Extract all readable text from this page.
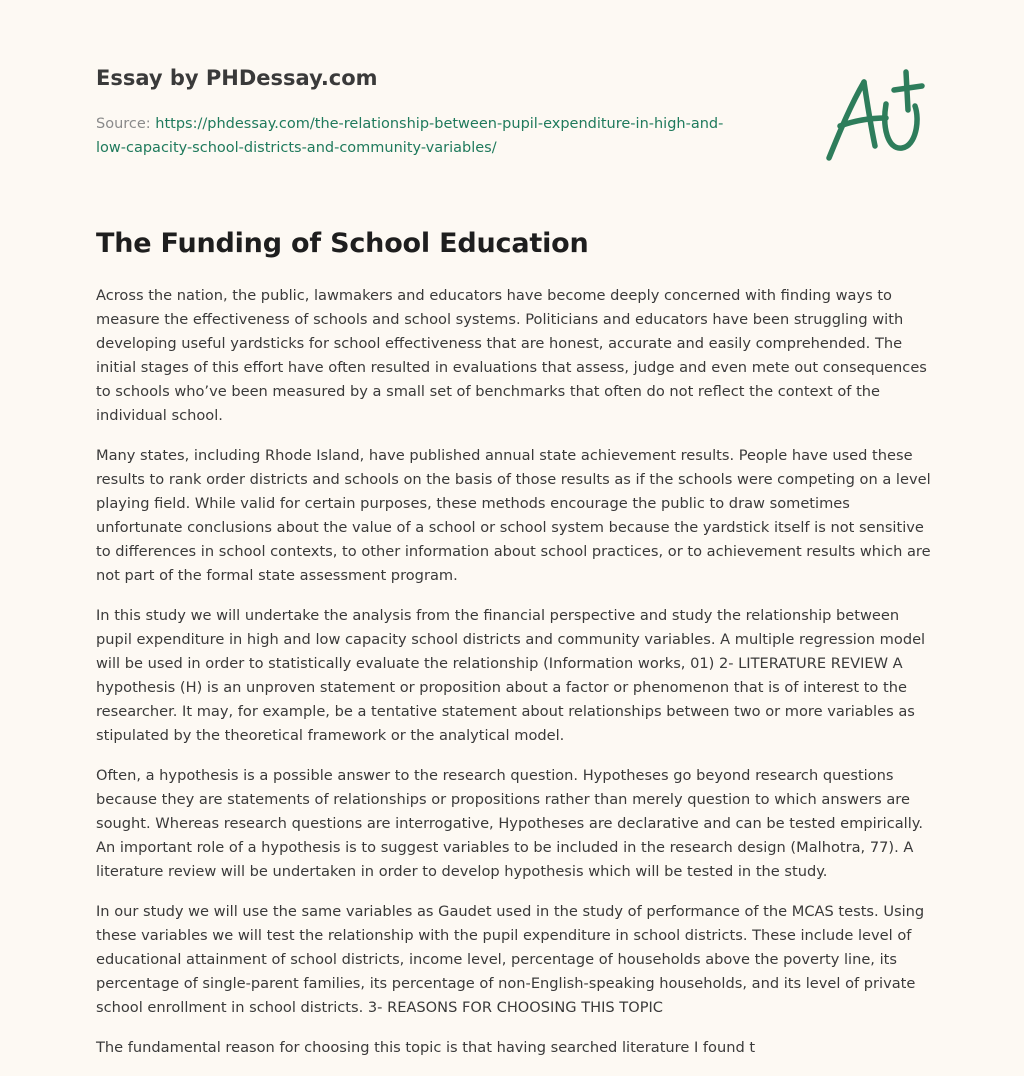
Essay by PHDessay.com
Source: https://phdessay.com/the-relationship-between-pupil-expenditure-in-high-and-
low-capacity-school-districts-and-community-variables/
The Funding of School Education

Across the nation, the public, lawmakers and educators have become deeply concerned with finding ways to measure the effectiveness of schools and school systems. Politicians and educators have been struggling with developing useful yardsticks for school effectiveness that are honest, accurate and easily comprehended. The initial stages of this effort have often resulted in evaluations that assess, judge and even mete out consequences to schools who’ve been measured by a small set of benchmarks that often do not reflect the context of the individual school.

Many states, including Rhode Island, have published annual state achievement results. People have used these results to rank order districts and schools on the basis of those results as if the schools were competing on a level playing field. While valid for certain purposes, these methods encourage the public to draw sometimes unfortunate conclusions about the value of a school or school system because the yardstick itself is not sensitive to differences in school contexts, to other information about school practices, or to achievement results which are not part of the formal state assessment program.

In this study we will undertake the analysis from the financial perspective and study the relationship between pupil expenditure in high and low capacity school districts and community variables. A multiple regression model will be used in order to statistically evaluate the relationship (Information works, 01) 2- LITERATURE REVIEW A hypothesis (H) is an unproven statement or proposition about a factor or phenomenon that is of interest to the researcher. It may, for example, be a tentative statement about relationships between two or more variables as stipulated by the theoretical framework or the analytical model.

Often, a hypothesis is a possible answer to the research question. Hypotheses go beyond research questions because they are statements of relationships or propositions rather than merely question to which answers are sought. Whereas research questions are interrogative, Hypotheses are declarative and can be tested empirically. An important role of a hypothesis is to suggest variables to be included in the research design (Malhotra, 77). A literature review will be undertaken in order to develop hypothesis which will be tested in the study.

In our study we will use the same variables as Gaudet used in the study of performance of the MCAS tests. Using these variables we will test the relationship with the pupil expenditure in school districts. These include level of educational attainment of school districts, income level, percentage of households above the poverty line, its percentage of single-parent families, its percentage of non-English-speaking households, and its level of private school enrollment in school districts. 3- REASONS FOR CHOOSING THIS TOPIC

The fundamental reason for choosing this topic is that having searched literature I found t
